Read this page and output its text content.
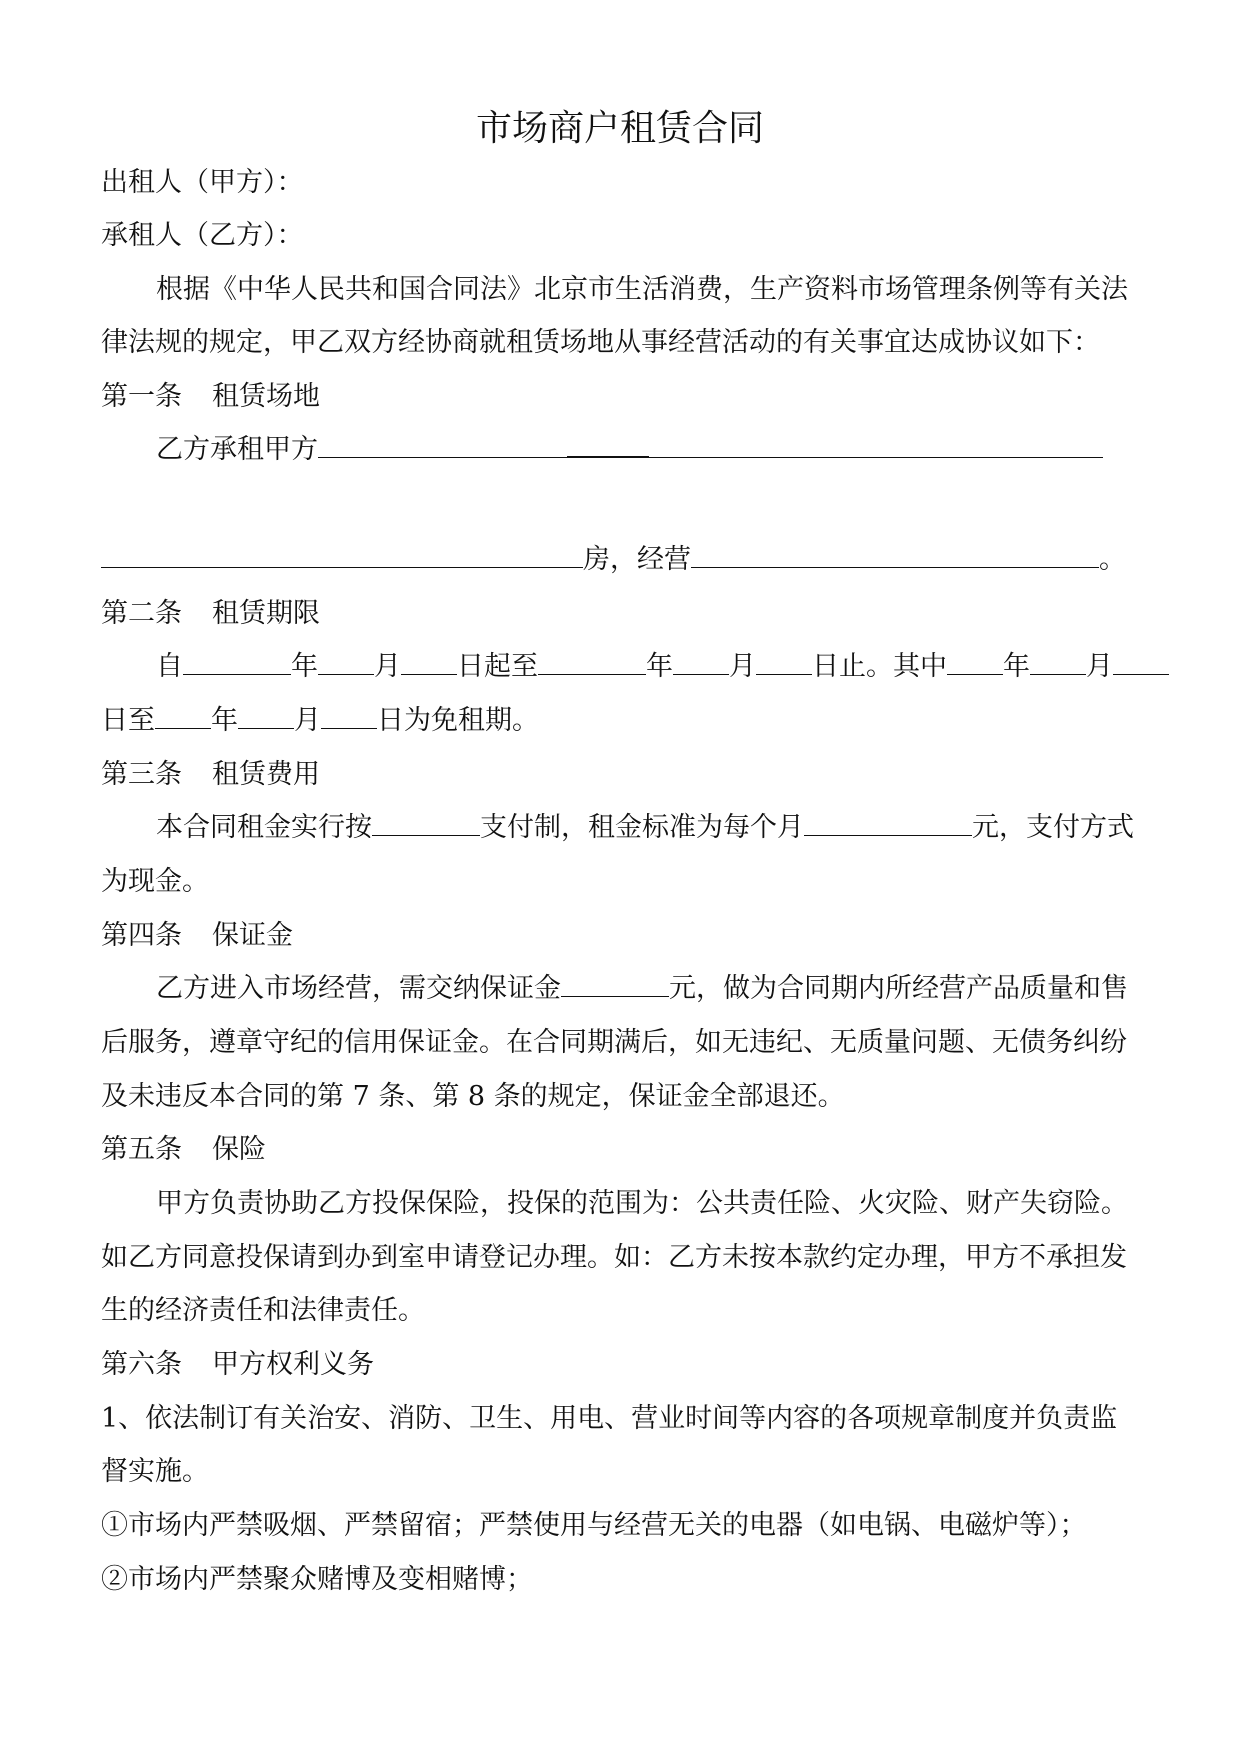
市场商户租赁合同
出租人（甲方）：
承租人（乙方）：
根据《中华人民共和国合同法》北京市生活消费，生产资料市场管理条例等有关法
律法规的规定，甲乙双方经协商就租赁场地从事经营活动的有关事宜达成协议如下：
第一条 租赁场地
乙方承租甲方
房，经营	。
第二条 租赁期限
自	年 月 日起至	年 月 日止。其中 年 月
日至 年 月 日为免租期。
第三条 租赁费用
本合同租金实行按	支付制，租金标准为每个月	元，支付方式
为现金。
第四条 保证金
乙方进入市场经营，需交纳保证金	元，做为合同期内所经营产品质量和售
后服务，遵章守纪的信用保证金。在合同期满后，如无违纪、无质量问题、无债务纠纷
及未违反本合同的第 7 条、第 8 条的规定，保证金全部退还。
第五条 保险
甲方负责协助乙方投保保险，投保的范围为：公共责任险、火灾险、财产失窃险。
如乙方同意投保请到办到室申请登记办理。如：乙方未按本款约定办理，甲方不承担发
生的经济责任和法律责任。
第六条 甲方权利义务
1、依法制订有关治安、消防、卫生、用电、营业时间等内容的各项规章制度并负责监
督实施。
①市场内严禁吸烟、严禁留宿；严禁使用与经营无关的电器（如电锅、电磁炉等）；
②市场内严禁聚众赌博及变相赌博；
